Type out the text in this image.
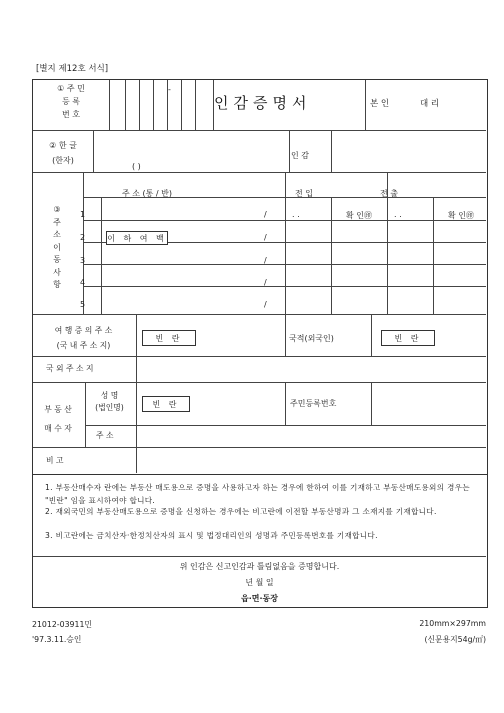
[별지 제12호 서식]
① 주 민
등 록
번 호
-
인감증명서	본 인	대 리
② 한 글
(한자)
( )
인 감
③
주
소
이
동
사
항
주 소 (통 / 반)	전 입	전 출
1	/	. .	확 인㊞	. .	확 인㊞
2	이 하 여 백	/
3	/
4	/
5	/
여 행 증 의 주 소
(국 내 주 소 지)
빈 란	국적(외국인)	빈 란
국 외 주 소 지
부 동 산
매 수 자
성 명
(법인명)	빈 란	주민등록번호
주 소
비 고
1. 부동산매수자 란에는 부동산 매도용으로 증명을 사용하고자 하는 경우에 한하여 이를 기재하고 부동산매도용외의 경우는 "빈란" 임을 표시하여야 합니다.
2. 재외국민의 부동산매도용으로 증명을 신청하는 경우에는 비고란에 이전할 부동산명과 그 소재지를 기재합니다.
3. 비고란에는 금치산자·한정치산자의 표시 및 법정대리인의 성명과 주민등록번호를 기재합니다.
위 인감은 신고인감과 틀림없음을 증명합니다.
년 월 일
읍·면·동장
21012-03911민
'97.3.11.승인
210mm×297mm
(신문용지54g/㎡)
